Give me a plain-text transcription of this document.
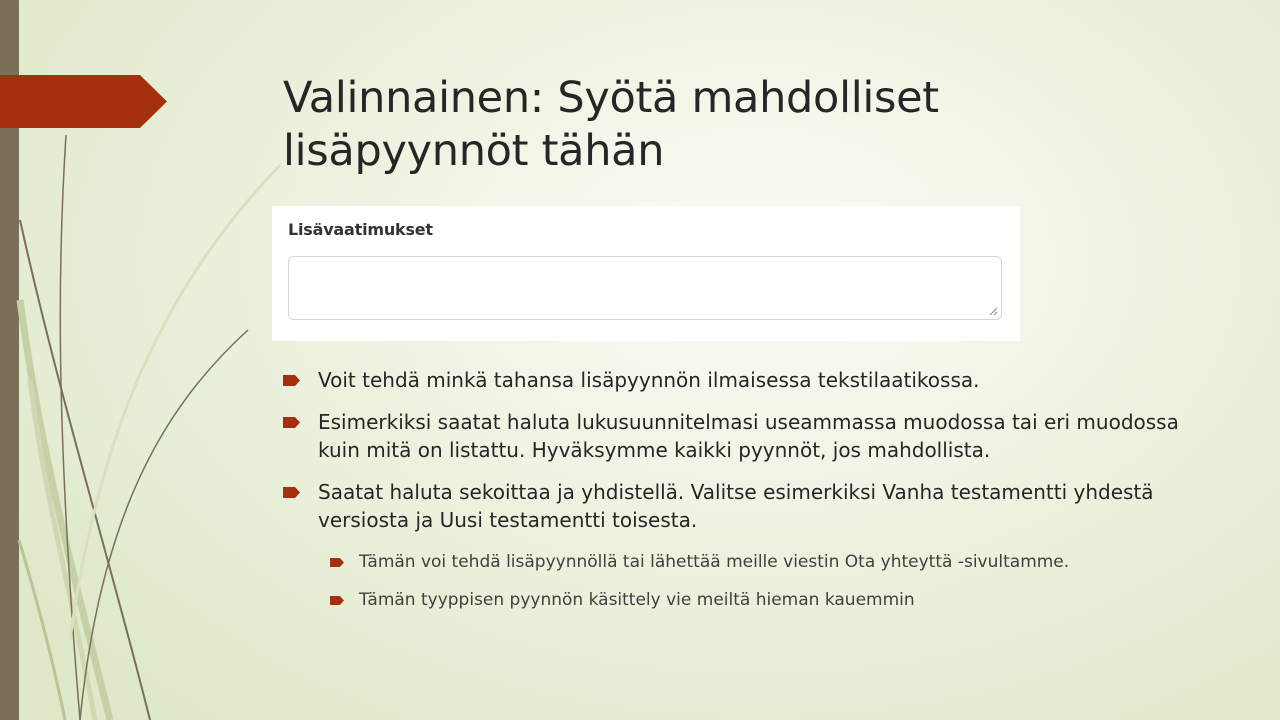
Valinnainen: Syötä mahdolliset
lisäpyynnöt tähän
Lisävaatimukset
Voit tehdä minkä tahansa lisäpyynnön ilmaisessa tekstilaatikossa.
Esimerkiksi saatat haluta lukusuunnitelmasi useammassa muodossa tai eri muodossa kuin mitä on listattu. Hyväksymme kaikki pyynnöt, jos mahdollista.
Saatat haluta sekoittaa ja yhdistellä. Valitse esimerkiksi Vanha testamentti yhdestä versiosta ja Uusi testamentti toisesta.
Tämän voi tehdä lisäpyynnöllä tai lähettää meille viestin Ota yhteyttä -sivultamme.
Tämän tyyppisen pyynnön käsittely vie meiltä hieman kauemmin
